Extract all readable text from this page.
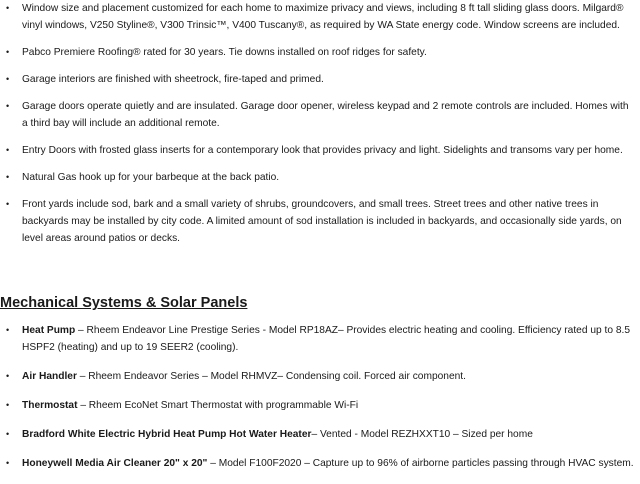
• Window size and placement customized for each home to maximize privacy and views, including 8 ft tall sliding glass doors. Milgard® vinyl windows, V250 Styline®, V300 Trinsic™, V400 Tuscany®, as required by WA State energy code. Window screens are included.
• Pabco Premiere Roofing® rated for 30 years. Tie downs installed on roof ridges for safety.
• Garage interiors are finished with sheetrock, fire-taped and primed.
• Garage doors operate quietly and are insulated. Garage door opener, wireless keypad and 2 remote controls are included. Homes with a third bay will include an additional remote.
• Entry Doors with frosted glass inserts for a contemporary look that provides privacy and light. Sidelights and transoms vary per home.
• Natural Gas hook up for your barbeque at the back patio.
• Front yards include sod, bark and a small variety of shrubs, groundcovers, and small trees. Street trees and other native trees in backyards may be installed by city code. A limited amount of sod installation is included in backyards, and occasionally side yards, on level areas around patios or decks.
Mechanical Systems & Solar Panels
• Heat Pump – Rheem Endeavor Line Prestige Series - Model RP18AZ– Provides electric heating and cooling. Efficiency rated up to 8.5 HSPF2 (heating) and up to 19 SEER2 (cooling).
• Air Handler – Rheem Endeavor Series – Model RHMVZ– Condensing coil. Forced air component.
• Thermostat – Rheem EcoNet Smart Thermostat with programmable Wi-Fi
• Bradford White Electric Hybrid Heat Pump Hot Water Heater– Vented - Model REZHXXT10 – Sized per home
• Honeywell Media Air Cleaner 20" x 20" – Model F100F2020 – Capture up to 96% of airborne particles passing through HVAC system.
